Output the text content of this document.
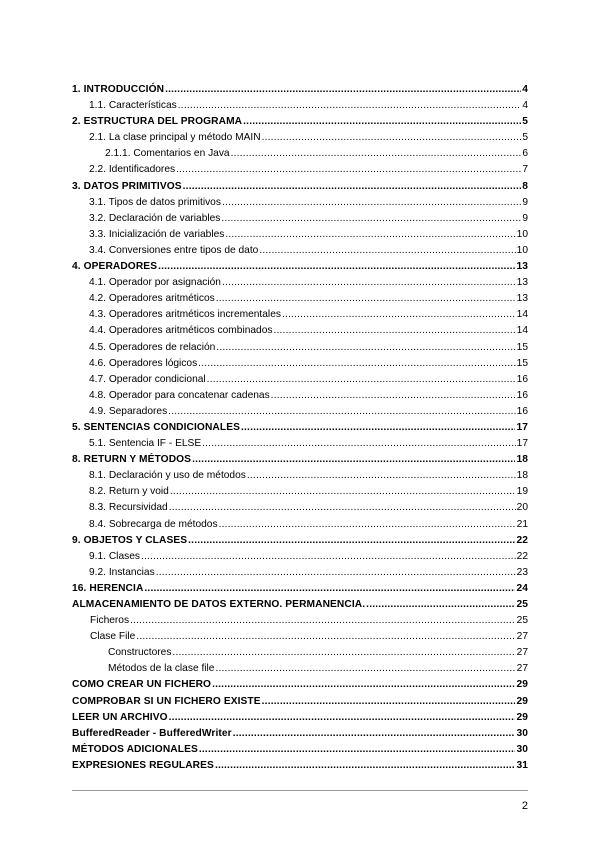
1. INTRODUCCIÓN .....	4
1.1. Características .....	4
2. ESTRUCTURA DEL PROGRAMA .....	5
2.1. La clase principal y método MAIN .....	5
2.1.1. Comentarios en Java .....	6
2.2. Identificadores .....	7
3. DATOS PRIMITIVOS .....	8
3.1. Tipos de datos primitivos .....	9
3.2. Declaración de variables .....	9
3.3. Inicialización de variables .....	10
3.4. Conversiones entre tipos de dato .....	10
4. OPERADORES .....	13
4.1. Operador por asignación .....	13
4.2. Operadores aritméticos .....	13
4.3. Operadores aritméticos incrementales .....	14
4.4. Operadores aritméticos combinados .....	14
4.5. Operadores de relación .....	15
4.6. Operadores lógicos .....	15
4.7. Operador condicional .....	16
4.8. Operador para concatenar cadenas .....	16
4.9. Separadores .....	16
5. SENTENCIAS CONDICIONALES .....	17
5.1. Sentencia IF - ELSE .....	17
8. RETURN Y MÉTODOS .....	18
8.1. Declaración y uso de métodos .....	18
8.2. Return y void .....	19
8.3. Recursividad .....	20
8.4. Sobrecarga de métodos .....	21
9. OBJETOS Y CLASES .....	22
9.1. Clases .....	22
9.2. Instancias .....	23
16. HERENCIA .....	24
ALMACENAMIENTO DE DATOS EXTERNO. PERMANENCIA. .....	25
Ficheros .....	25
Clase File .....	27
Constructores .....	27
Métodos de la clase file .....	27
COMO CREAR UN FICHERO .....	29
COMPROBAR SI UN FICHERO EXISTE .....	29
LEER UN ARCHIVO .....	29
BufferedReader - BufferedWriter .....	30
MÉTODOS ADICIONALES .....	30
EXPRESIONES REGULARES .....	31
2
